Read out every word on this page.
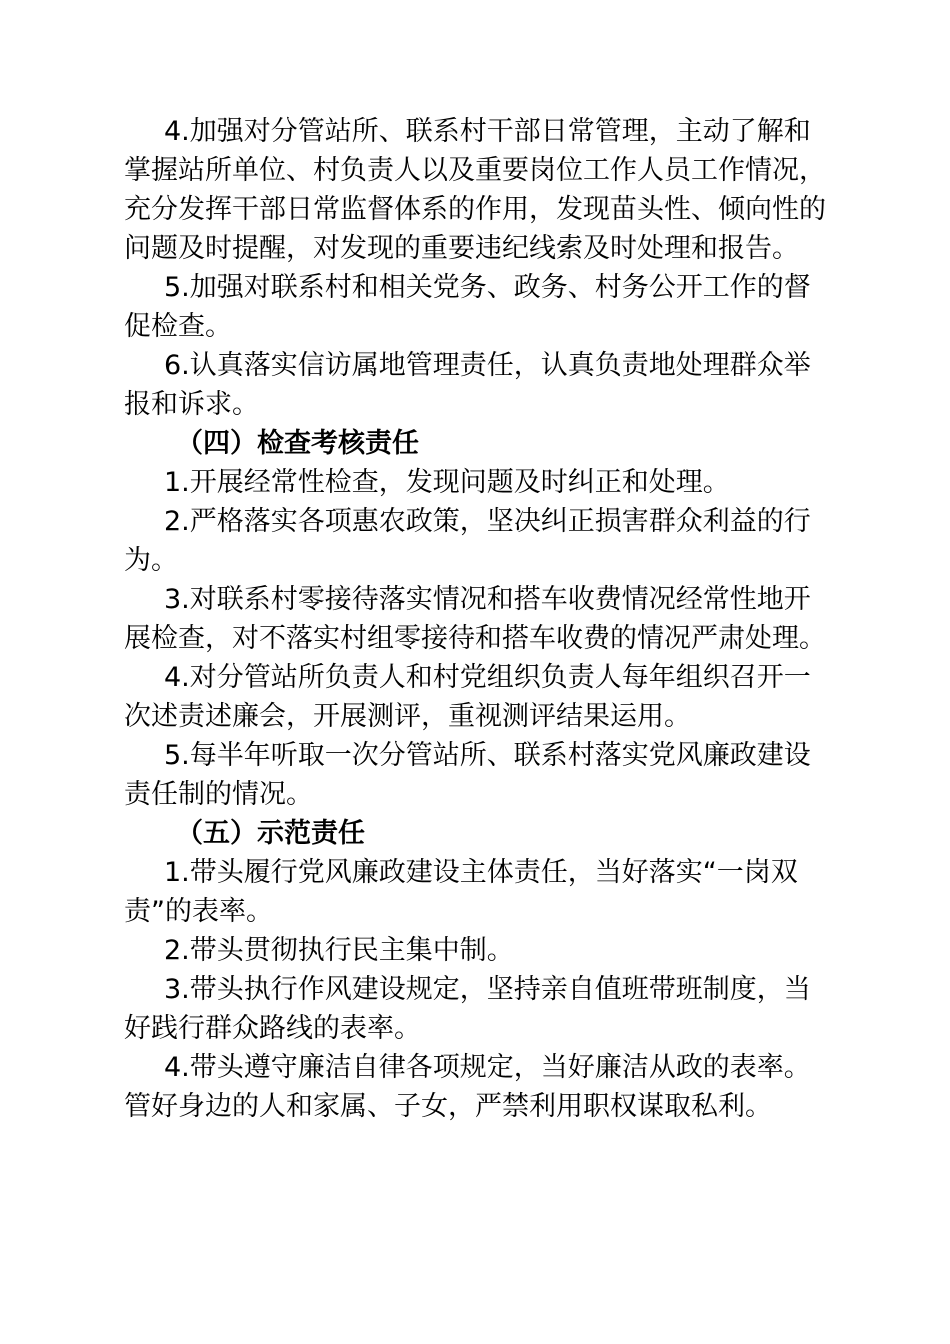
4.加强对分管站所、联系村干部日常管理，主动了解和掌握站所单位、村负责人以及重要岗位工作人员工作情况，充分发挥干部日常监督体系的作用，发现苗头性、倾向性的问题及时提醒，对发现的重要违纪线索及时处理和报告。

5.加强对联系村和相关党务、政务、村务公开工作的督促检查。

6.认真落实信访属地管理责任，认真负责地处理群众举报和诉求。

（四）检查考核责任

1.开展经常性检查，发现问题及时纠正和处理。

2.严格落实各项惠农政策，坚决纠正损害群众利益的行为。

3.对联系村零接待落实情况和搭车收费情况经常性地开展检查，对不落实村组零接待和搭车收费的情况严肃处理。

4.对分管站所负责人和村党组织负责人每年组织召开一次述责述廉会，开展测评，重视测评结果运用。

5.每半年听取一次分管站所、联系村落实党风廉政建设责任制的情况。

（五）示范责任

1.带头履行党风廉政建设主体责任，当好落实“一岗双责”的表率。

2.带头贯彻执行民主集中制。

3.带头执行作风建设规定，坚持亲自值班带班制度，当好践行群众路线的表率。

4.带头遵守廉洁自律各项规定，当好廉洁从政的表率。管好身边的人和家属、子女，严禁利用职权谋取私利。
